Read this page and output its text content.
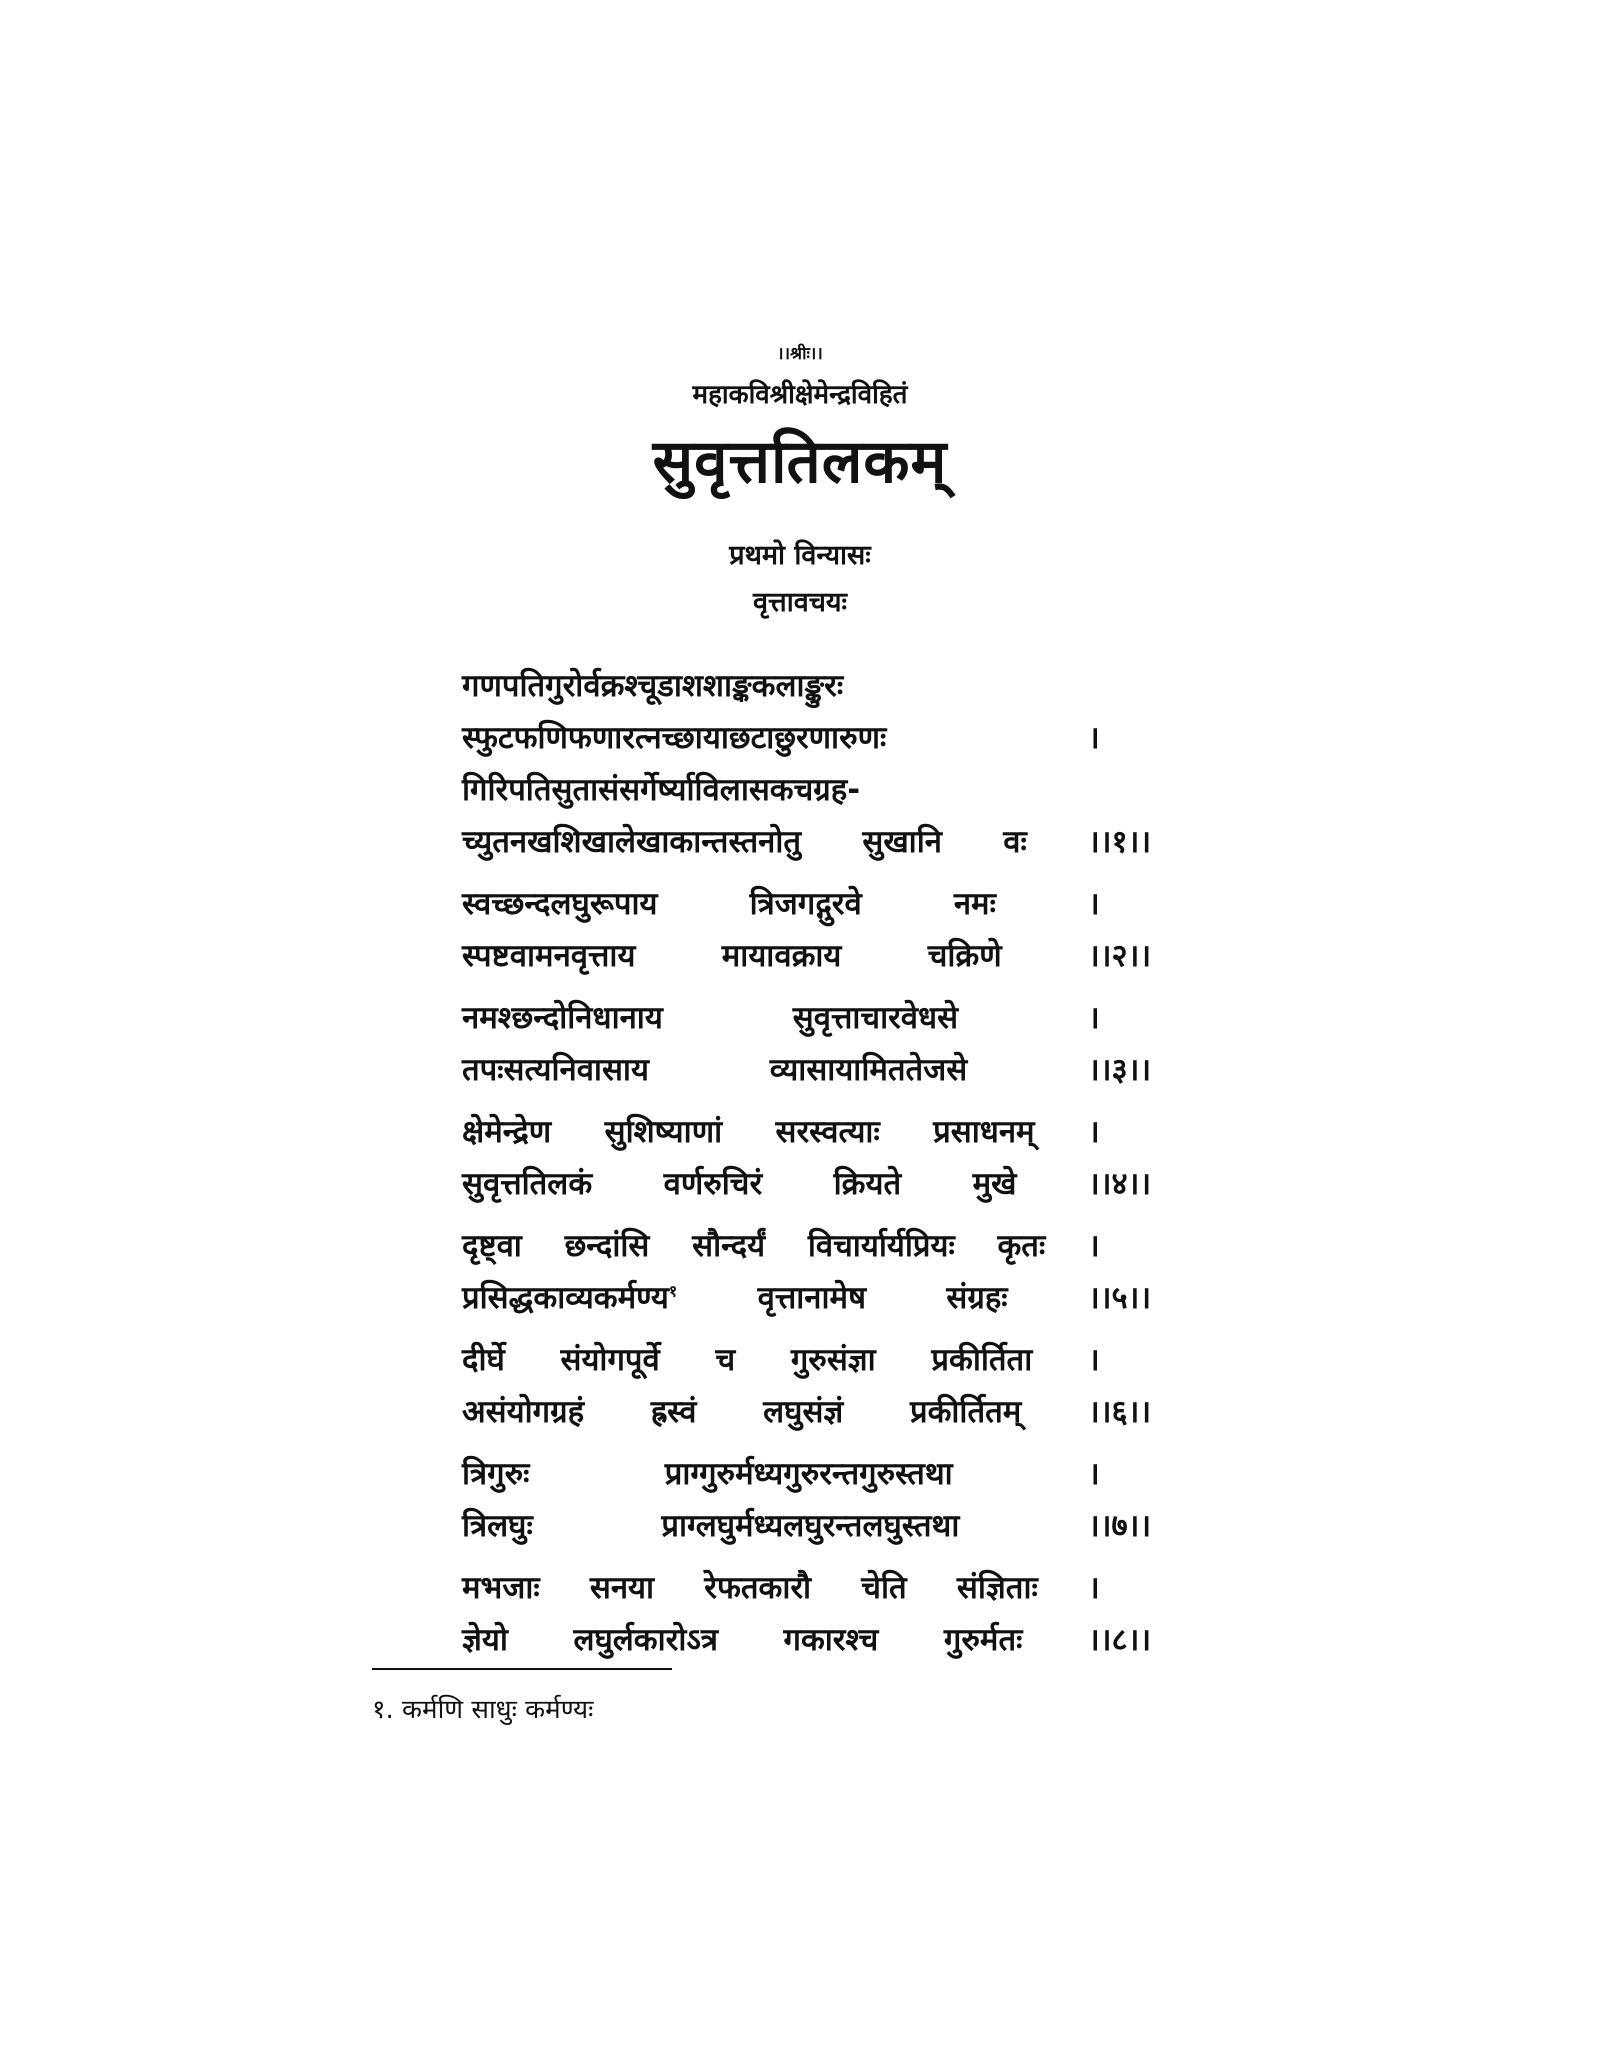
।।श्रीः।।
महाकविश्रीक्षेमेन्द्रविहितं
सुवृत्ततिलकम्
प्रथमो विन्यासः
वृत्तावचयः
गणपतिगुरोर्वक्रश्चूडाशशाङ्ककलाङ्कुरः
स्फुटफणिफणारत्नच्छायाछटाछुरणारुणः	।
गिरिपतिसुतासंसर्गेर्ष्याविलासकचग्रह-
च्युतनखशिखालेखाकान्तस्तनोतु सुखानि वः ।।१।।
स्वच्छन्दलघुरूपाय	त्रिजगद्गुरवे	नमः	।
स्पष्टवामनवृत्ताय	मायावक्राय	चक्रिणे	।।२।।
नमश्छन्दोनिधानाय	सुवृत्ताचारवेधसे	।
तपःसत्यनिवासाय	व्यासायामिततेजसे	।।३।।
क्षेमेन्द्रेण सुशिष्याणां सरस्वत्याः प्रसाधनम् ।
सुवृत्ततिलकं वर्णरुचिरं क्रियते मुखे ।।४।।
दृष्ट्वा छन्दांसि सौन्दर्यं विचार्यार्यप्रियः कृतः ।
प्रसिद्धकाव्यकर्मण्य$^१$	वृत्तानामेष	संग्रहः	।।५।।
दीर्घे संयोगपूर्वे च गुरुसंज्ञा प्रकीर्तिता ।
असंयोगग्रहं ह्रस्वं लघुसंज्ञं प्रकीर्तितम् ।।६।।
त्रिगुरुः	प्राग्गुरुर्मध्यगुरुरन्तगुरुस्तथा	।
त्रिलघुः	प्राग्लघुर्मध्यलघुरन्तलघुस्तथा	।।७।।
मभजाः सनया रेफतकारौ चेति संज्ञिताः ।
ज्ञेयो लघुर्लकारोऽत्र गकारश्च गुरुर्मतः ।।८।।
१. कर्मणि साधुः कर्मण्यः
